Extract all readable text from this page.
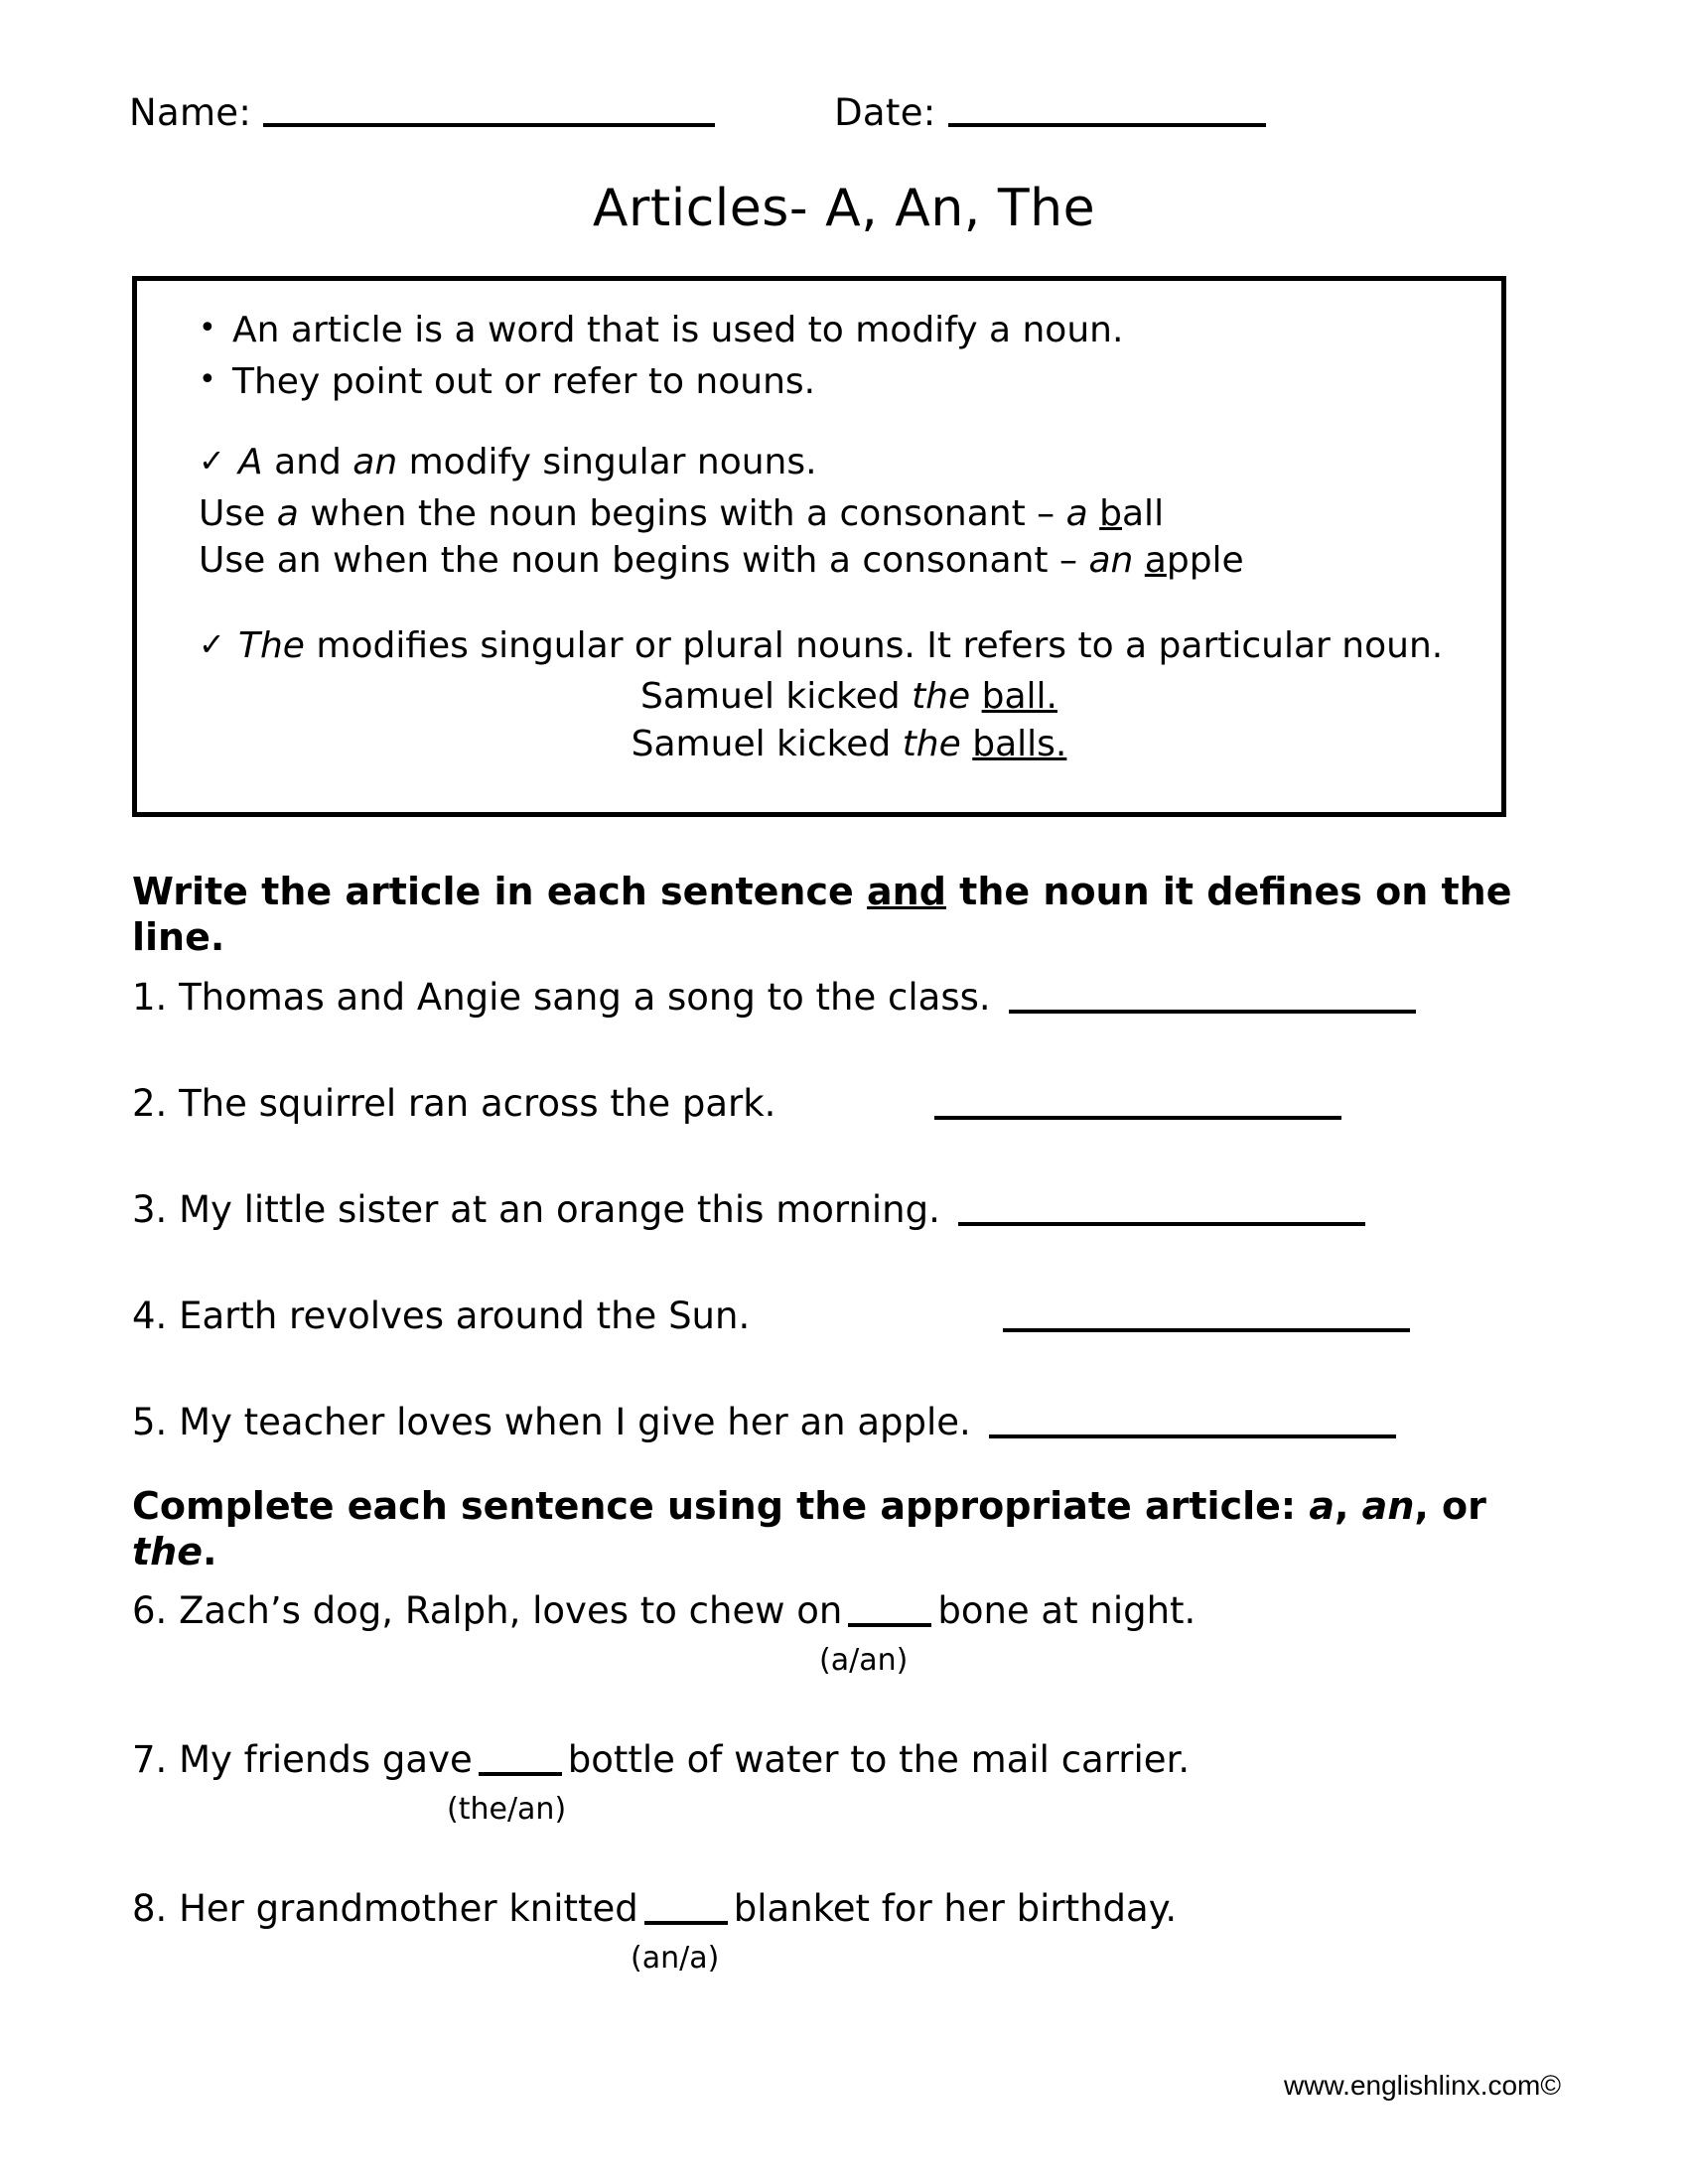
Name:	Date:
Articles- A, An, The
• An article is a word that is used to modify a noun.
• They point out or refer to nouns.
✓ A and an modify singular nouns.
Use a when the noun begins with a consonant – a ball
Use an when the noun begins with a consonant – an apple
✓ The modifies singular or plural nouns. It refers to a particular noun.
Samuel kicked the ball.
Samuel kicked the balls.
Write the article in each sentence and the noun it defines on the line.
1. Thomas and Angie sang a song to the class.
2. The squirrel ran across the park.
3. My little sister at an orange this morning.
4. Earth revolves around the Sun.
5. My teacher loves when I give her an apple.
Complete each sentence using the appropriate article: a, an, or the.
6. Zach’s dog, Ralph, loves to chew on	bone at night.
(a/an)
7. My friends gave	bottle of water to the mail carrier.
(the/an)
8. Her grandmother knitted	blanket for her birthday.
(an/a)
www.englishlinx.com©
